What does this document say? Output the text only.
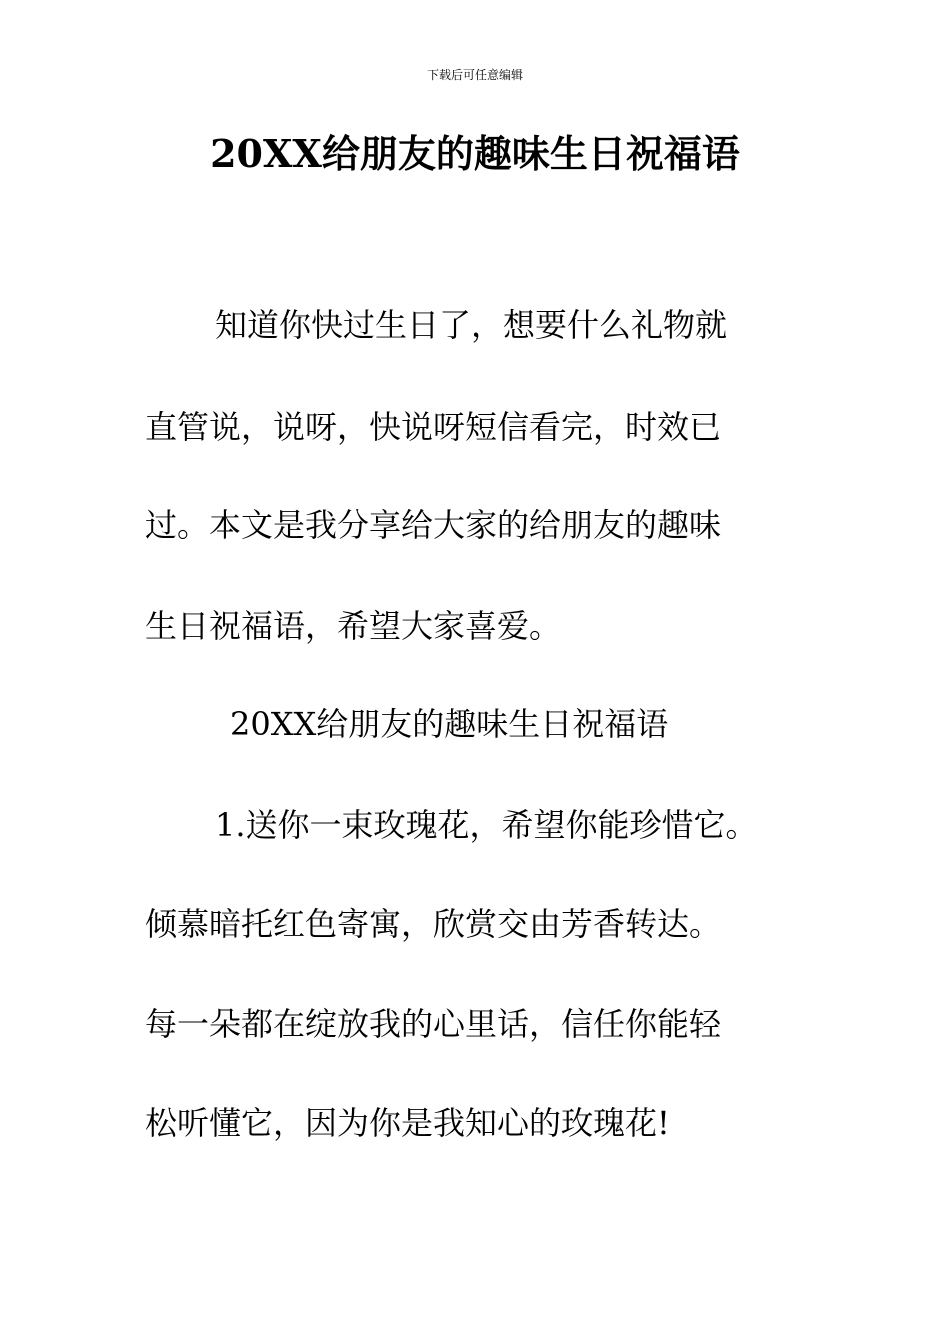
下载后可任意编辑
20XX给朋友的趣味生日祝福语
知道你快过生日了，想要什么礼物就
直管说，说呀，快说呀短信看完，时效已
过。本文是我分享给大家的给朋友的趣味
生日祝福语，希望大家喜爱。
20XX给朋友的趣味生日祝福语
1.送你一束玫瑰花，希望你能珍惜它。
倾慕暗托红色寄寓，欣赏交由芳香转达。
每一朵都在绽放我的心里话，信任你能轻
松听懂它，因为你是我知心的玫瑰花!
